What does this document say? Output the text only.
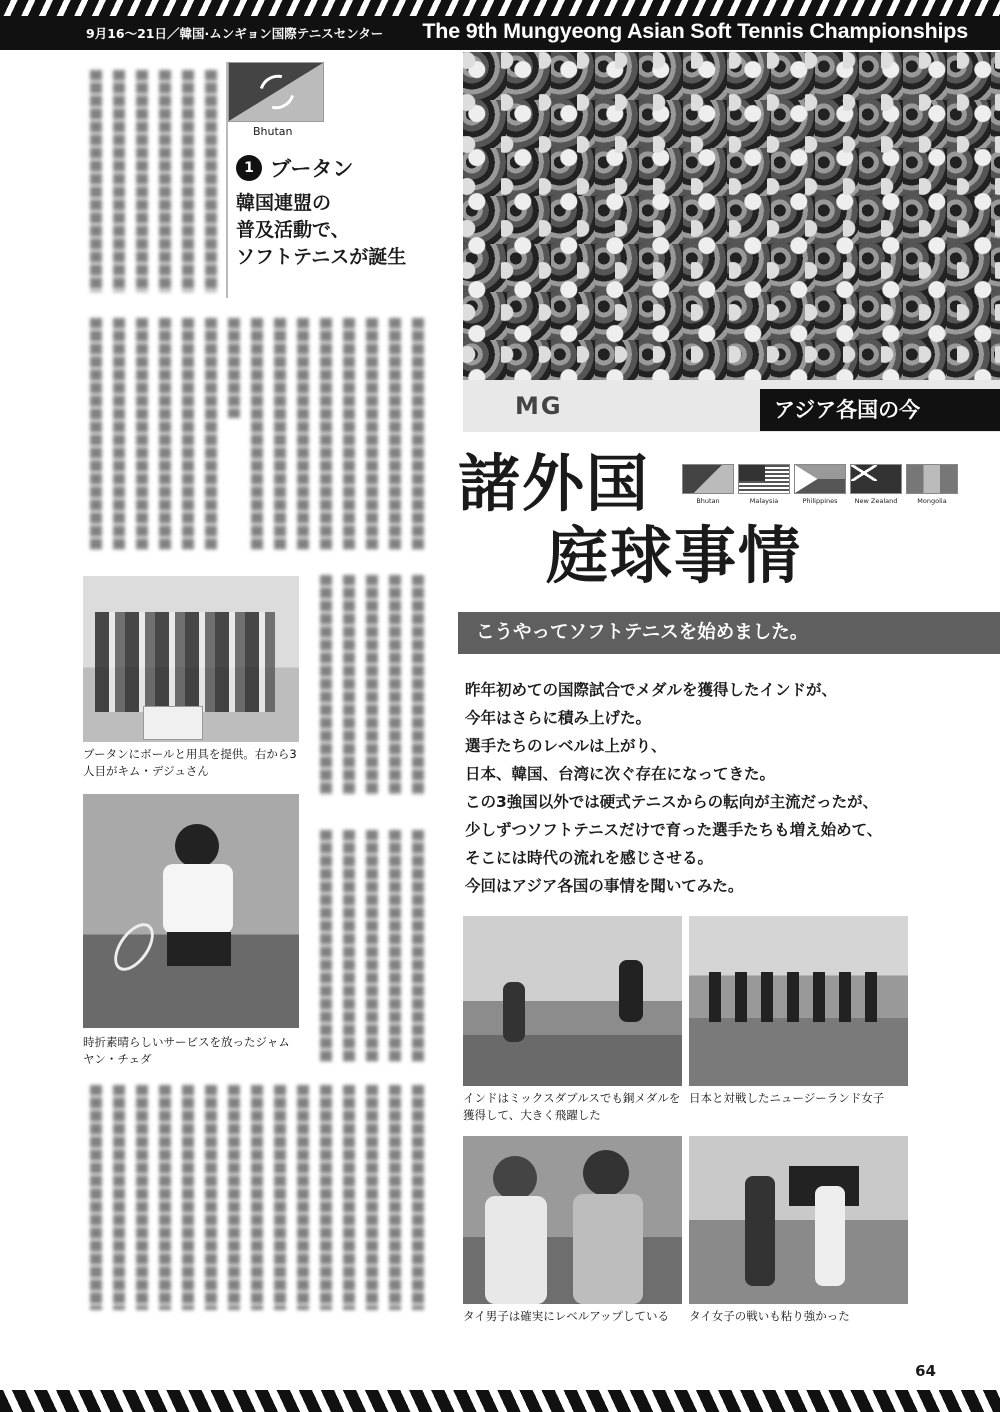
9月16〜21日／韓国·ムンギョン国際テニスセンター The 9th Mungyeong Asian Soft Tennis Championships
Bhutan
1 ブータン
韓国連盟の
普及活動で、
ソフトテニスが誕生
ブータンにボールと用具を提供。右から3人目がキム・デジュさん
時折素晴らしいサービスを放ったジャムヤン・チェダ
MG	アジア各国の今
諸外国
庭球事情
Bhutan	Malaysia	Philippines	New Zealand	Mongolia
こうやってソフトテニスを始めました。

昨年初めての国際試合でメダルを獲得したインドが、

今年はさらに積み上げた。

選手たちのレベルは上がり、

日本、韓国、台湾に次ぐ存在になってきた。

この3強国以外では硬式テニスからの転向が主流だったが、

少しずつソフトテニスだけで育った選手たちも増え始めて、

そこには時代の流れを感じさせる。

今回はアジア各国の事情を聞いてみた。

インドはミックスダブルスでも銅メダルを獲得して、大きく飛躍した
日本と対戦したニュージーランド女子
タイ男子は確実にレベルアップしている	タイ女子の戦いも粘り強かった
64
